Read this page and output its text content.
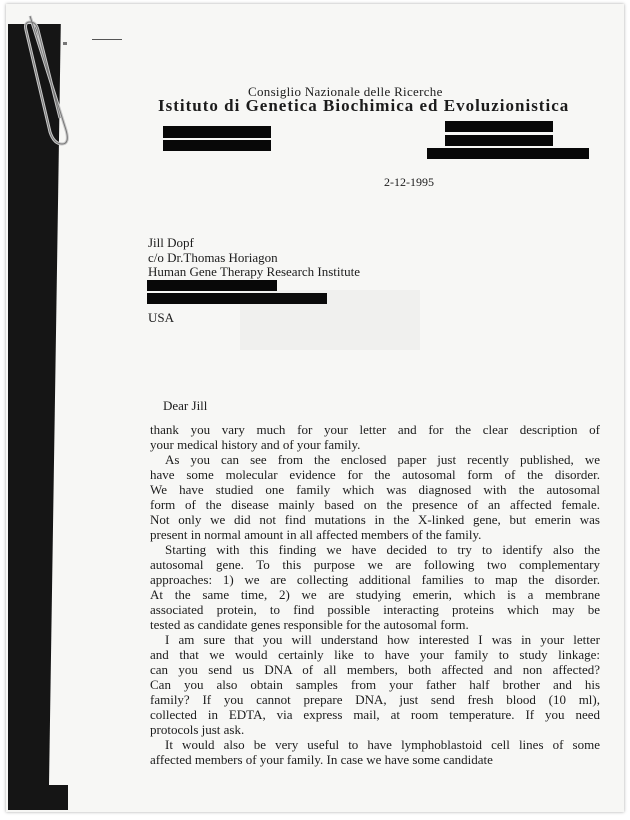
Consiglio Nazionale delle Ricerche
Istituto di Genetica Biochimica ed Evoluzionistica
2-12-1995
Jill Dopf
c/o Dr.Thomas Horiagon
Human Gene Therapy Research Institute
USA
Dear Jill
thank you vary much for your letter and for the clear description of
your medical history and of your family.
As you can see from the enclosed paper just recently published, we
have some molecular evidence for the autosomal form of the disorder.
We have studied one family which was diagnosed with the autosomal
form of the disease mainly based on the presence of an affected female.
Not only we did not find mutations in the X-linked gene, but emerin was
present in normal amount in all affected members of the family.
Starting with this finding we have decided to try to identify also the
autosomal gene. To this purpose we are following two complementary
approaches: 1) we are collecting additional families to map the disorder.
At the same time, 2) we are studying emerin, which is a membrane
associated protein, to find possible interacting proteins which may be
tested as candidate genes responsible for the autosomal form.
I am sure that you will understand how interested I was in your letter
and that we would certainly like to have your family to study linkage:
can you send us DNA of all members, both affected and non affected?
Can you also obtain samples from your father half brother and his
family? If you cannot prepare DNA, just send fresh blood (10 ml),
collected in EDTA, via express mail, at room temperature. If you need
protocols just ask.
It would also be very useful to have lymphoblastoid cell lines of some
affected members of your family. In case we have some candidate
